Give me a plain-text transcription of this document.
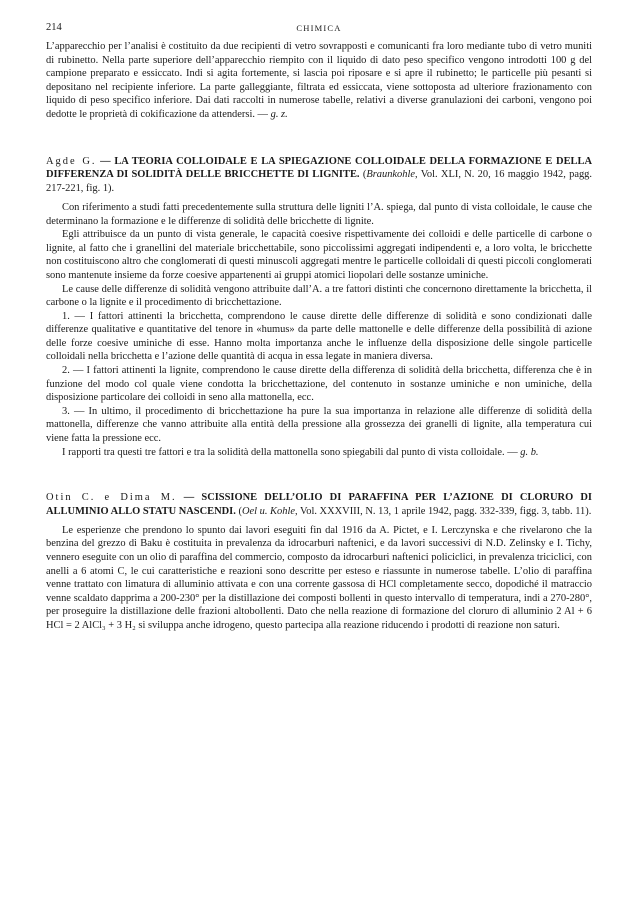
214	CHIMICA

L’apparecchio per l’analisi è costituito da due recipienti di vetro sovrapposti e comunicanti fra loro mediante tubo di vetro muniti di rubinetto. Nella parte superiore dell’apparecchio riempito con il liquido di dato peso specifico vengono introdotti 100 g del campione preparato e essiccato. Indi si agita fortemente, si lascia poi riposare e si apre il rubinetto; le particelle più pesanti si depositano nel recipiente inferiore. La parte galleggiante, filtrata ed essiccata, viene sottoposta ad ulteriore frazionamento con liquido di peso specifico inferiore. Dai dati raccolti in numerose tabelle, relativi a diverse granulazioni dei carboni, vengono poi dedotte le proprietà di cokificazione da attendersi. — g. z.

Agde G. — LA TEORIA COLLOIDALE E LA SPIEGAZIONE COLLOIDALE DELLA FORMAZIONE E DELLA DIFFERENZA DI SOLIDITÀ DELLE BRICCHETTE DI LIGNITE. (Braunkohle, Vol. XLI, N. 20, 16 maggio 1942, pagg. 217-221, fig. 1).

Con riferimento a studi fatti precedentemente sulla struttura delle ligniti l’A. spiega, dal punto di vista colloidale, le cause che determinano la formazione e le differenze di solidità delle bricchette di lignite.

Egli attribuisce da un punto di vista generale, le capacità coesive rispettivamente dei colloidi e delle particelle di carbone o lignite, al fatto che i granellini del materiale bricchettabile, sono piccolissimi aggregati indipendenti e, a loro volta, le bricchette non costituiscono altro che conglomerati di questi minuscoli aggregati mentre le particelle colloidali di questi piccoli conglomerati sono mantenute insieme da forze coesive appartenenti ai gruppi atomici liopolari delle sostanze uminiche.

Le cause delle differenze di solidità vengono attribuite dall’A. a tre fattori distinti che concernono direttamente la bricchetta, il carbone o la lignite e il procedimento di bricchettazione.

1. — I fattori attinenti la bricchetta, comprendono le cause dirette delle differenze di solidità e sono condizionati dalle differenze qualitative e quantitative del tenore in «humus» da parte delle mattonelle e delle differenze della possibilità di azione delle forze coesive uminiche di esse. Hanno molta importanza anche le influenze della disposizione delle singole particelle colloidali nella bricchetta e l’azione delle quantità di acqua in essa legate in maniera diversa.

2. — I fattori attinenti la lignite, comprendono le cause dirette della differenza di solidità della bricchetta, differenza che è in funzione del modo col quale viene condotta la bricchettazione, del contenuto in sostanze uminiche e non uminiche, della disposizione particolare dei colloidi in seno alla mattonella, ecc.

3. — In ultimo, il procedimento di bricchettazione ha pure la sua importanza in relazione alle differenze di solidità della mattonella, differenze che vanno attribuite alla entità della pressione alla grossezza dei granelli di lignite, alla temperatura cui viene fatta la pressione ecc.

I rapporti tra questi tre fattori e tra la solidità della mattonella sono spiegabili dal punto di vista colloidale. — g. b.

Otin C. e Dima M. — SCISSIONE DELL’OLIO DI PARAFFINA PER L’AZIONE DI CLORURO DI ALLUMINIO ALLO STATU NASCENDI. (Oel u. Kohle, Vol. XXXVIII, N. 13, 1 aprile 1942, pagg. 332-339, figg. 3, tabb. 11).

Le esperienze che prendono lo spunto dai lavori eseguiti fin dal 1916 da A. Pictet, e I. Lerczynska e che rivelarono che la benzina del grezzo di Baku è costituita in prevalenza da idrocarburi naftenici, e da lavori successivi di N.D. Zelinsky e I. Tichy, vennero eseguite con un olio di paraffina del commercio, composto da idrocarburi naftenici policiclici, in prevalenza triciclici, con anelli a 6 atomi C, le cui caratteristiche e reazioni sono descritte per esteso e riassunte in numerose tabelle. L’olio di paraffina venne trattato con limatura di alluminio attivata e con una corrente gassosa di HCl completamente secco, dopodiché il matraccio venne scaldato dapprima a 200-230° per la distillazione dei composti bollenti in questo intervallo di temperatura, indi a 270-280°, per proseguire la distillazione delle frazioni altobollenti. Dato che nella reazione di formazione del cloruro di alluminio 2 Al + 6 HCl = 2 AlCl₃ + 3 H₂ si sviluppa anche idrogeno, questo partecipa alla reazione riducendo i prodotti di reazione non saturi.
